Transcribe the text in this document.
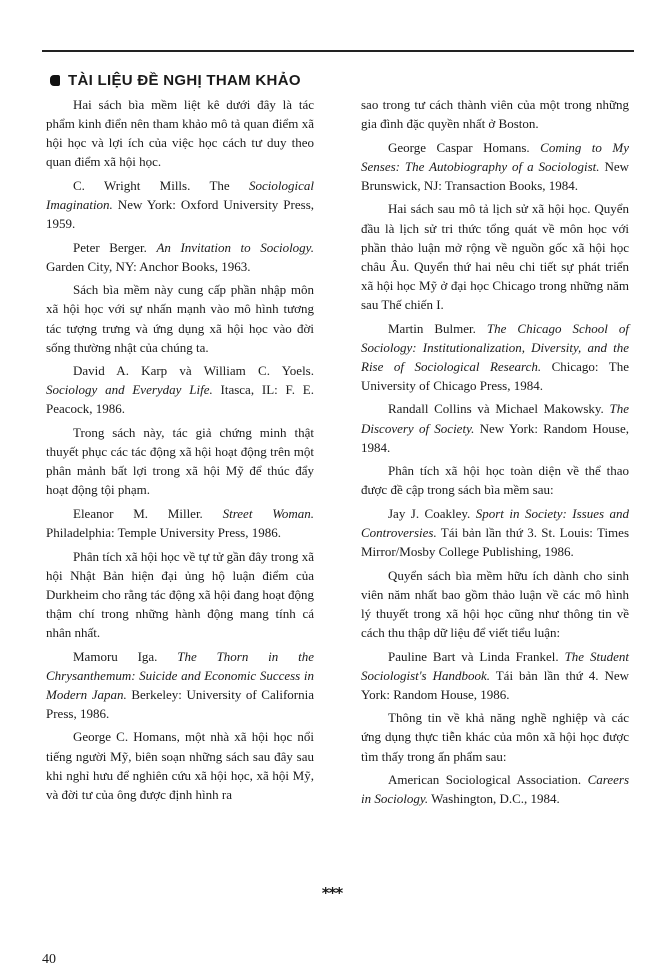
TÀI LIỆU ĐỀ NGHỊ THAM KHẢO

Hai sách bìa mềm liệt kê dưới đây là tác phẩm kinh điển nên tham khảo mô tả quan điểm xã hội học và lợi ích của việc học cách tư duy theo quan điểm xã hội học.

C. Wright Mills. The Sociological Imagination. New York: Oxford University Press, 1959.

Peter Berger. An Invitation to Sociology. Garden City, NY: Anchor Books, 1963.

Sách bìa mềm này cung cấp phần nhập môn xã hội học với sự nhấn mạnh vào mô hình tương tác tượng trưng và ứng dụng xã hội học vào đời sống thường nhật của chúng ta.

David A. Karp và William C. Yoels. Sociology and Everyday Life. Itasca, IL: F. E. Peacock, 1986.

Trong sách này, tác giả chứng minh thật thuyết phục các tác động xã hội hoạt động trên một phân mảnh bất lợi trong xã hội Mỹ để thúc đẩy hoạt động tội phạm.

Eleanor M. Miller. Street Woman. Philadelphia: Temple University Press, 1986.

Phân tích xã hội học về tự tử gần đây trong xã hội Nhật Bản hiện đại ủng hộ luận điểm của Durkheim cho rằng tác động xã hội đang hoạt động thậm chí trong những hành động mang tính cá nhân nhất.

Mamoru Iga. The Thorn in the Chrysanthemum: Suicide and Economic Success in Modern Japan. Berkeley: University of California Press, 1986.

George C. Homans, một nhà xã hội học nổi tiếng người Mỹ, biên soạn những sách sau đây sau khi nghỉ hưu để nghiên cứu xã hội học, xã hội Mỹ, và đời tư của ông được định hình ra

sao trong tư cách thành viên của một trong những gia đình đặc quyền nhất ở Boston.

George Caspar Homans. Coming to My Senses: The Autobiography of a Sociologist. New Brunswick, NJ: Transaction Books, 1984.

Hai sách sau mô tả lịch sử xã hội học. Quyển đầu là lịch sử tri thức tổng quát về môn học với phần thảo luận mở rộng về nguồn gốc xã hội học châu Âu. Quyển thứ hai nêu chi tiết sự phát triển xã hội học Mỹ ở đại học Chicago trong những năm sau Thế chiến I.

Martin Bulmer. The Chicago School of Sociology: Institutionalization, Diversity, and the Rise of Sociological Research. Chicago: The University of Chicago Press, 1984.

Randall Collins và Michael Makowsky. The Discovery of Society. New York: Random House, 1984.

Phân tích xã hội học toàn diện về thể thao được đề cập trong sách bìa mềm sau:

Jay J. Coakley. Sport in Society: Issues and Controversies. Tái bản lần thứ 3. St. Louis: Times Mirror/Mosby College Publishing, 1986.

Quyển sách bìa mềm hữu ích dành cho sinh viên năm nhất bao gồm thảo luận về các mô hình lý thuyết trong xã hội học cũng như thông tin về cách thu thập dữ liệu để viết tiểu luận:

Pauline Bart và Linda Frankel. The Student Sociologist's Handbook. Tái bản lần thứ 4. New York: Random House, 1986.

Thông tin về khả năng nghề nghiệp và các ứng dụng thực tiễn khác của môn xã hội học được tìm thấy trong ấn phẩm sau:

American Sociological Association. Careers in Sociology. Washington, D.C., 1984.

***
40
